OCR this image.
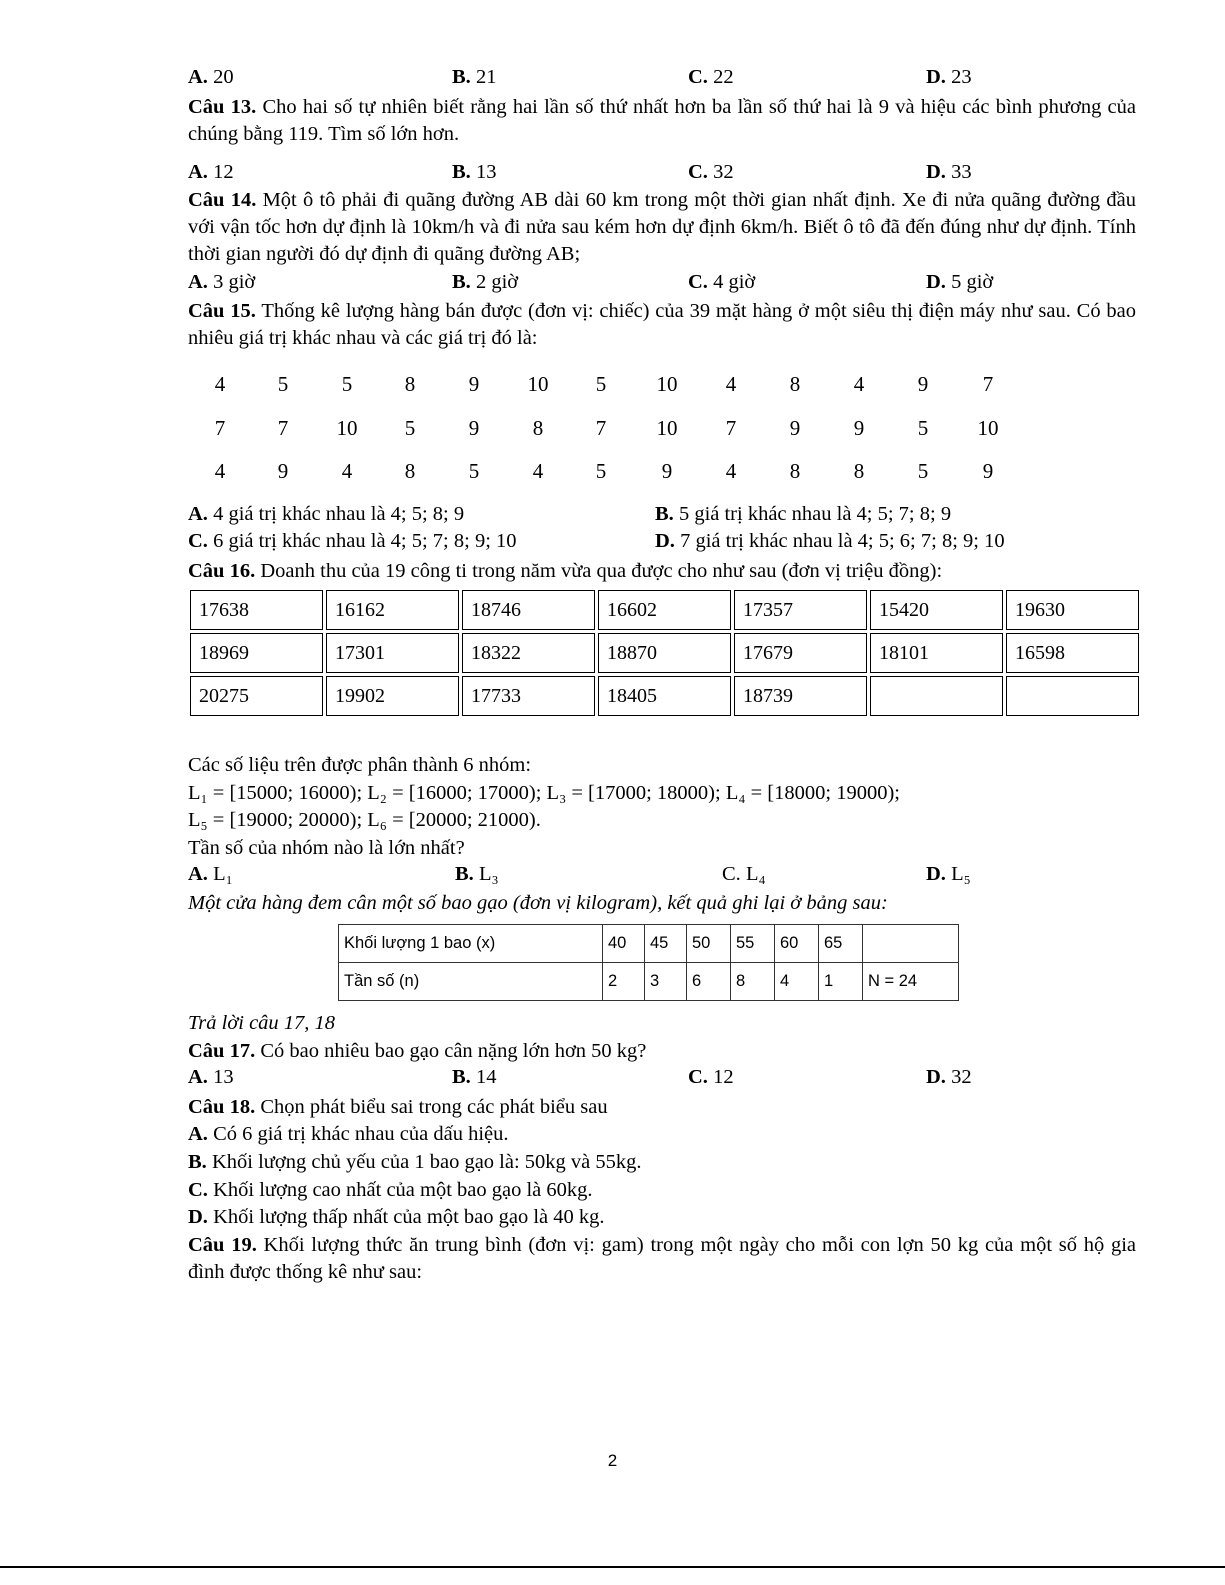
A. 20	B. 21	C. 22	D. 23
Câu 13. Cho hai số tự nhiên biết rằng hai lần số thứ nhất hơn ba lần số thứ hai là 9 và hiệu các bình phương của chúng bằng 119. Tìm số lớn hơn.
A. 12	B. 13	C. 32	D. 33
Câu 14. Một ô tô phải đi quãng đường AB dài 60 km trong một thời gian nhất định. Xe đi nửa quãng đường đầu với vận tốc hơn dự định là 10km/h và đi nửa sau kém hơn dự định 6km/h. Biết ô tô đã đến đúng như dự định. Tính thời gian người đó dự định đi quãng đường AB;
A. 3 giờ	B. 2 giờ	C. 4 giờ	D. 5 giờ
Câu 15. Thống kê lượng hàng bán được (đơn vị: chiếc) của 39 mặt hàng ở một siêu thị điện máy như sau. Có bao nhiêu giá trị khác nhau và các giá trị đó là:
4	5	5	8	9	10	5	10	4	8	4	9	7
7	7	10	5	9	8	7	10	7	9	9	5	10
4	9	4	8	5	4	5	9	4	8	8	5	9
A. 4 giá trị khác nhau là 4; 5; 8; 9	B. 5 giá trị khác nhau là 4; 5; 7; 8; 9
C. 6 giá trị khác nhau là 4; 5; 7; 8; 9; 10	D. 7 giá trị khác nhau là 4; 5; 6; 7; 8; 9; 10
Câu 16. Doanh thu của 19 công ti trong năm vừa qua được cho như sau (đơn vị triệu đồng):
17638	16162	18746	16602	17357	15420	19630
18969	17301	18322	18870	17679	18101	16598
20275	19902	17733	18405	18739		
Các số liệu trên được phân thành 6 nhóm:
L₁ = [15000; 16000); L₂ = [16000; 17000); L₃ = [17000; 18000); L₄ = [18000; 19000);
L₅ = [19000; 20000); L₆ = [20000; 21000).
Tần số của nhóm nào là lớn nhất?
A. L₁	B. L₃	C. L₄	D. L₅
Một cửa hàng đem cân một số bao gạo (đơn vị kilogram), kết quả ghi lại ở bảng sau:
Khối lượng 1 bao (x)	40	45	50	55	60	65	
Tần số (n)	2	3	6	8	4	1	N = 24
Trả lời câu 17, 18
Câu 17. Có bao nhiêu bao gạo cân nặng lớn hơn 50 kg?
A. 13	B. 14	C. 12	D. 32
Câu 18. Chọn phát biểu sai trong các phát biểu sau
A. Có 6 giá trị khác nhau của dấu hiệu.
B. Khối lượng chủ yếu của 1 bao gạo là: 50kg và 55kg.
C. Khối lượng cao nhất của một bao gạo là 60kg.
D. Khối lượng thấp nhất của một bao gạo là 40 kg.
Câu 19. Khối lượng thức ăn trung bình (đơn vị: gam) trong một ngày cho mỗi con lợn 50 kg của một số hộ gia đình được thống kê như sau:
2
